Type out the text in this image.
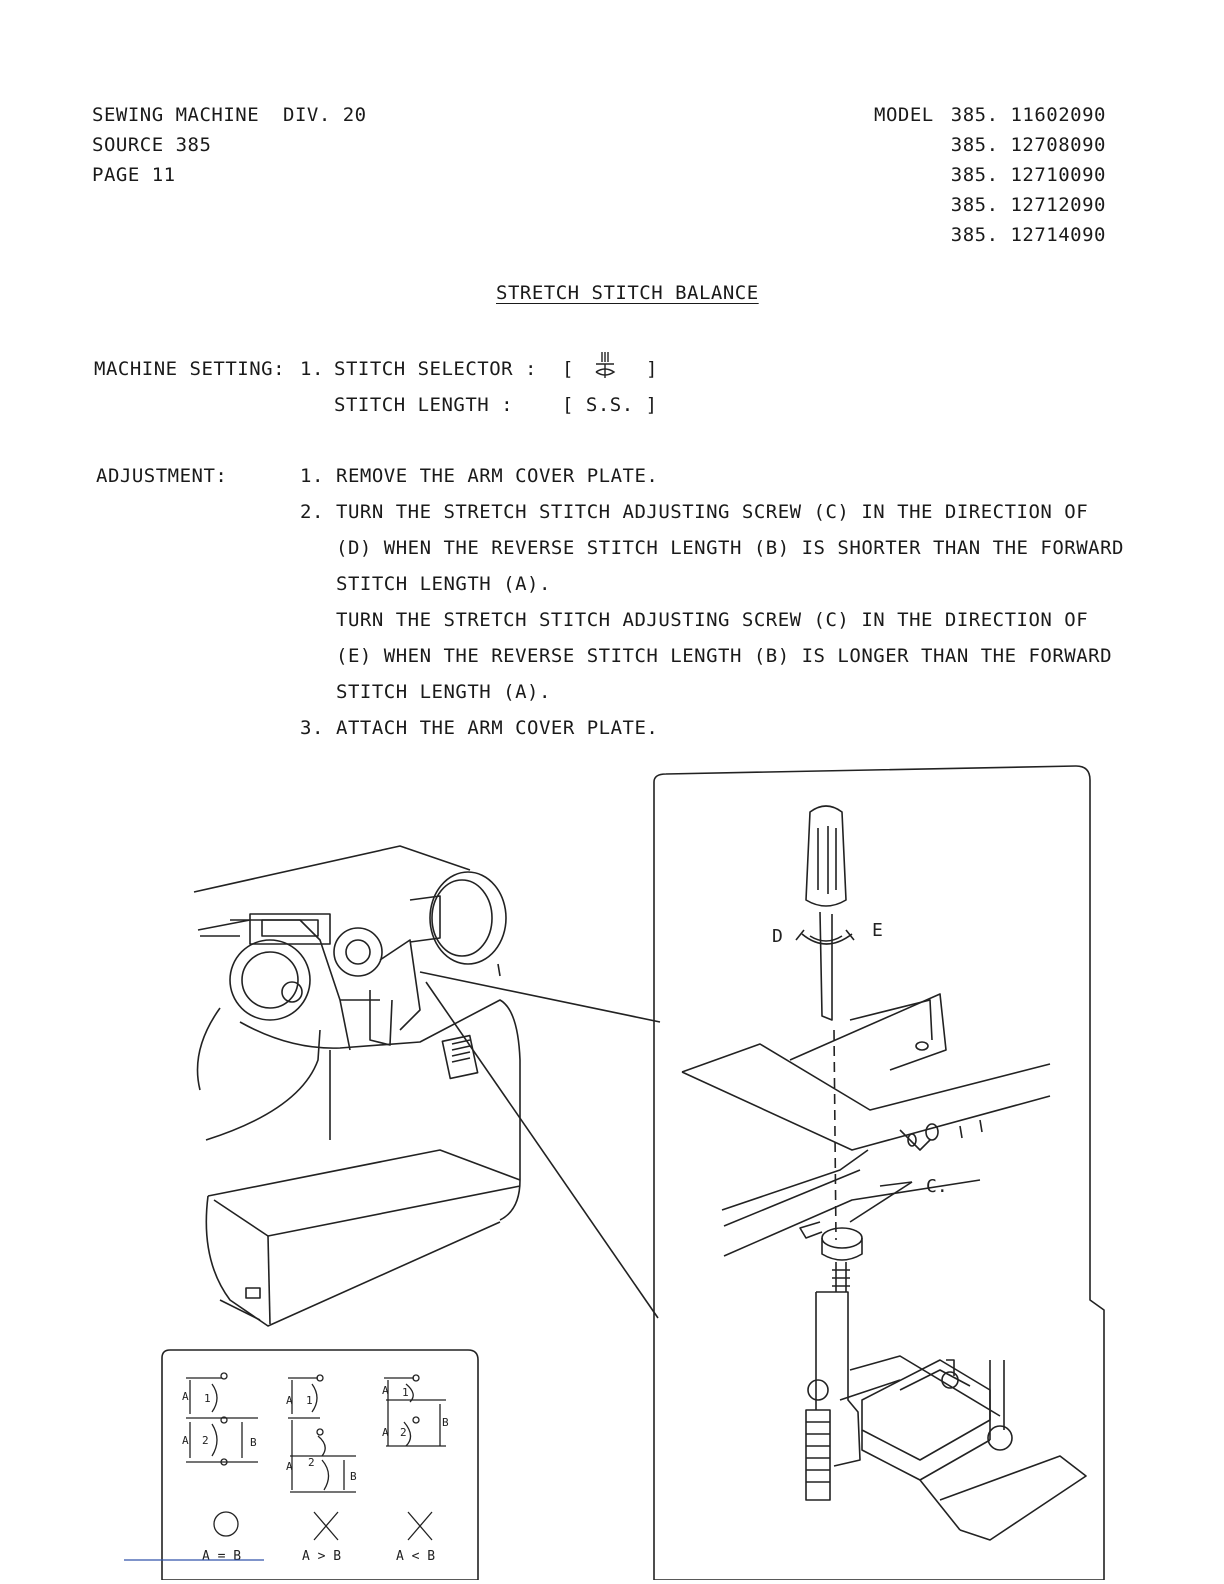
SEWING MACHINE  DIV. 20
SOURCE 385
PAGE 11
MODEL 385. 11602090
385. 12708090
385. 12710090
385. 12712090
385. 12714090
STRETCH STITCH BALANCE
MACHINE SETTING: 1. STITCH SELECTOR : [	]
STITCH LENGTH :	[ S.S. ]
ADJUSTMENT:	1. REMOVE THE ARM COVER PLATE.
2. TURN THE STRETCH STITCH ADJUSTING SCREW (C) IN THE DIRECTION OF
(D) WHEN THE REVERSE STITCH LENGTH (B) IS SHORTER THAN THE FORWARD
STITCH LENGTH (A).
TURN THE STRETCH STITCH ADJUSTING SCREW (C) IN THE DIRECTION OF
(E) WHEN THE REVERSE STITCH LENGTH (B) IS LONGER THAN THE FORWARD
STITCH LENGTH (A).
3. ATTACH THE ARM COVER PLATE.
D	E
C.
A 1
A 2	B
A 1
A 2
B
A 1
A 2
B
A = B	A > B	A < B
